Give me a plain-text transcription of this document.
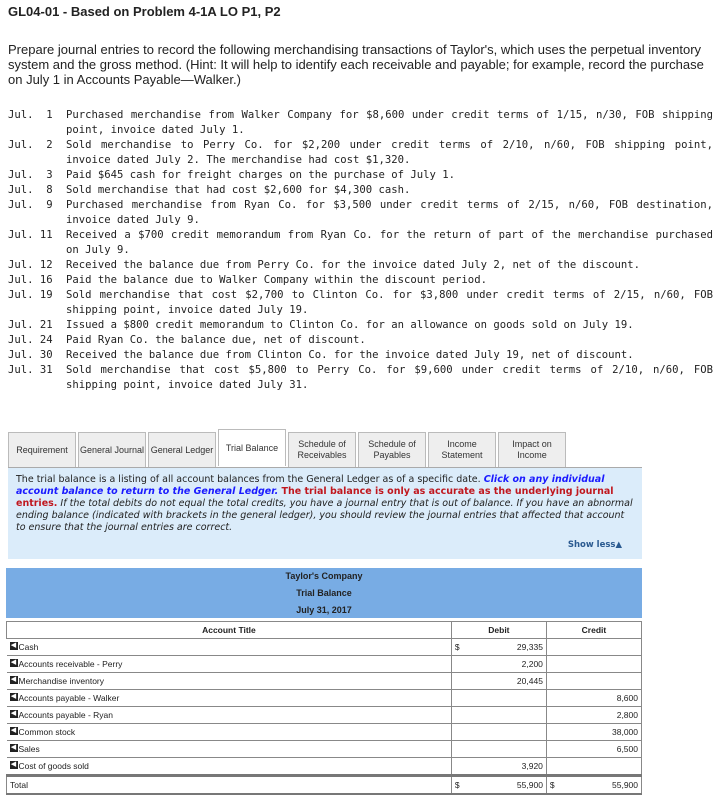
GL04-01 - Based on Problem 4-1A LO P1, P2
Prepare journal entries to record the following merchandising transactions of Taylor's, which uses the perpetual inventory system and the gross method. (Hint: It will help to identify each receivable and payable; for example, record the purchase on July 1 in Accounts Payable—Walker.)
Jul.  1	Purchased merchandise from Walker Company for $8,600 under credit terms of 1/15, n/30, FOB shipping point, invoice dated July 1.
Jul.  2	Sold merchandise to Perry Co. for $2,200 under credit terms of 2/10, n/60, FOB shipping point, invoice dated July 2. The merchandise had cost $1,320.
Jul.  3	Paid $645 cash for freight charges on the purchase of July 1.
Jul.  8	Sold merchandise that had cost $2,600 for $4,300 cash.
Jul.  9	Purchased merchandise from Ryan Co. for $3,500 under credit terms of 2/15, n/60, FOB destination, invoice dated July 9.
Jul. 11	Received a $700 credit memorandum from Ryan Co. for the return of part of the merchandise purchased on July 9.
Jul. 12	Received the balance due from Perry Co. for the invoice dated July 2, net of the discount.
Jul. 16	Paid the balance due to Walker Company within the discount period.
Jul. 19	Sold merchandise that cost $2,700 to Clinton Co. for $3,800 under credit terms of 2/15, n/60, FOB shipping point, invoice dated July 19.
Jul. 21	Issued a $800 credit memorandum to Clinton Co. for an allowance on goods sold on July 19.
Jul. 24	Paid Ryan Co. the balance due, net of discount.
Jul. 30	Received the balance due from Clinton Co. for the invoice dated July 19, net of discount.
Jul. 31	Sold merchandise that cost $5,800 to Perry Co. for $9,600 under credit terms of 2/10, n/60, FOB shipping point, invoice dated July 31.
Requirement	General Journal General Ledger	Trial Balance	Schedule of Receivables
Schedule of Payables
Income Statement
Impact on Income
The trial balance is a listing of all account balances from the General Ledger as of a specific date. Click on any individual account balance to return to the General Ledger. The trial balance is only as accurate as the underlying journal entries. If the total debits do not equal the total credits, you have a journal entry that is out of balance. If you have an abnormal ending balance (indicated with brackets in the general ledger), you should review the journal entries that affected that account to ensure that the journal entries are correct.
Show less▲
Taylor's Company
Trial Balance
July 31, 2017
Account Title	Debit	Credit
◀ Cash	$ 29,335	
◀ Accounts receivable - Perry	2,200	
◀ Merchandise inventory	20,445	
◀ Accounts payable - Walker		8,600
◀ Accounts payable - Ryan		2,800
◀ Common stock		38,000
◀ Sales		6,500
◀ Cost of goods sold	3,920	
Total	$ 55,900	$ 55,900
